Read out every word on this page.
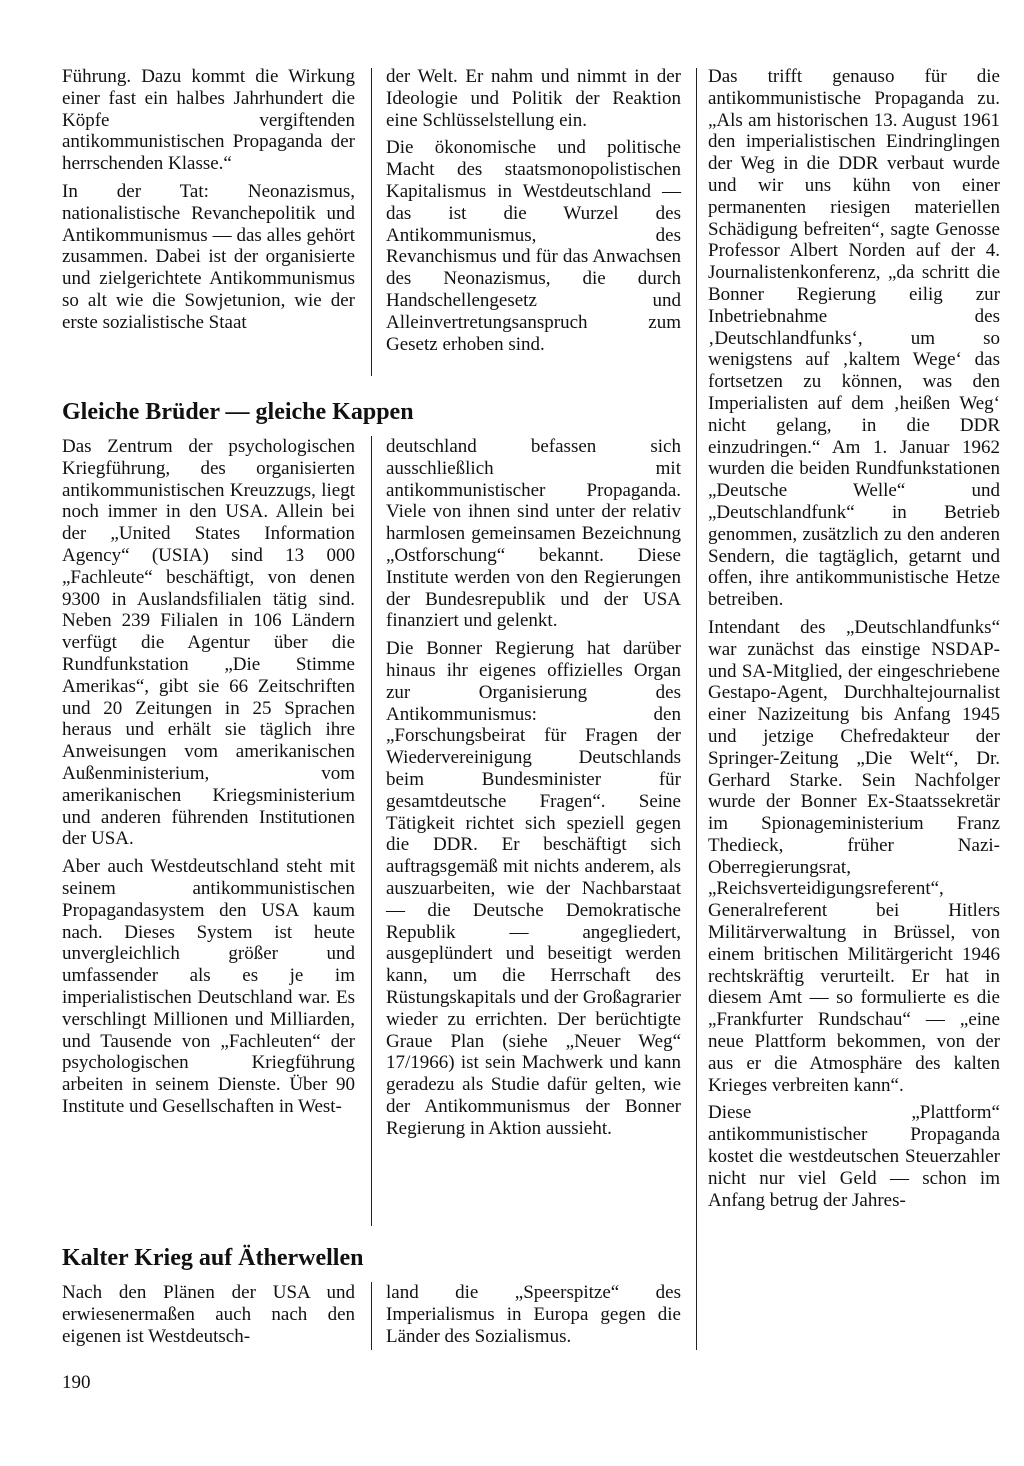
Führung. Dazu kommt die Wirkung einer fast ein halbes Jahrhundert die Köpfe vergiftenden antikommunistischen Propaganda der herrschenden Klasse.“

In der Tat: Neonazismus, nationalistische Revanchepolitik und Antikommunismus — das alles gehört zusammen. Dabei ist der organisierte und zielgerichtete Antikommunismus so alt wie die Sowjetunion, wie der erste sozialistische Staat

der Welt. Er nahm und nimmt in der Ideologie und Politik der Reaktion eine Schlüsselstellung ein.

Die ökonomische und politische Macht des staatsmonopolistischen Kapitalismus in Westdeutschland — das ist die Wurzel des Antikommunismus, des Revanchismus und für das Anwachsen des Neonazismus, die durch Handschellengesetz und Alleinvertretungsanspruch zum Gesetz erhoben sind.

Gleiche Brüder — gleiche Kappen

Das Zentrum der psychologischen Kriegführung, des organisierten antikommunistischen Kreuzzugs, liegt noch immer in den USA. Allein bei der „United States Information Agency“ (USIA) sind 13 000 „Fachleute“ beschäftigt, von denen 9300 in Auslandsfilialen tätig sind. Neben 239 Filialen in 106 Ländern verfügt die Agentur über die Rundfunkstation „Die Stimme Amerikas“, gibt sie 66 Zeitschriften und 20 Zeitungen in 25 Sprachen heraus und erhält sie täglich ihre Anweisungen vom amerikanischen Außenministerium, vom amerikanischen Kriegsministerium und anderen führenden Institutionen der USA.

Aber auch Westdeutschland steht mit seinem antikommunistischen Propagandasystem den USA kaum nach. Dieses System ist heute unvergleichlich größer und umfassender als es je im imperialistischen Deutschland war. Es verschlingt Millionen und Milliarden, und Tausende von „Fachleuten“ der psychologischen Kriegführung arbeiten in seinem Dienste. Über 90 Institute und Gesellschaften in West-

deutschland befassen sich ausschließlich mit antikommunistischer Propaganda. Viele von ihnen sind unter der relativ harmlosen gemeinsamen Bezeichnung „Ostforschung“ bekannt. Diese Institute werden von den Regierungen der Bundesrepublik und der USA finanziert und gelenkt.

Die Bonner Regierung hat darüber hinaus ihr eigenes offizielles Organ zur Organisierung des Antikommunismus: den „Forschungsbeirat für Fragen der Wiedervereinigung Deutschlands beim Bundesminister für gesamtdeutsche Fragen“. Seine Tätigkeit richtet sich speziell gegen die DDR. Er beschäftigt sich auftragsgemäß mit nichts anderem, als auszuarbeiten, wie der Nachbarstaat — die Deutsche Demokratische Republik — angegliedert, ausgeplündert und beseitigt werden kann, um die Herrschaft des Rüstungskapitals und der Großagrarier wieder zu errichten. Der berüchtigte Graue Plan (siehe „Neuer Weg“ 17/1966) ist sein Machwerk und kann geradezu als Studie dafür gelten, wie der Antikommunismus der Bonner Regierung in Aktion aussieht.

Kalter Krieg auf Ätherwellen

Nach den Plänen der USA und erwiesenermaßen auch nach den eigenen ist Westdeutsch-

land die „Speerspitze“ des Imperialismus in Europa gegen die Länder des Sozialismus.

Das trifft genauso für die antikommunistische Propaganda zu. „Als am historischen 13. August 1961 den imperialistischen Eindringlingen der Weg in die DDR verbaut wurde und wir uns kühn von einer permanenten riesigen materiellen Schädigung befreiten“, sagte Genosse Professor Albert Norden auf der 4. Journalistenkonferenz, „da schritt die Bonner Regierung eilig zur Inbetriebnahme des ‚Deutschlandfunks‘, um so wenigstens auf ‚kaltem Wege‘ das fortsetzen zu können, was den Imperialisten auf dem ‚heißen Weg‘ nicht gelang, in die DDR einzudringen.“ Am 1. Januar 1962 wurden die beiden Rundfunkstationen „Deutsche Welle“ und „Deutschlandfunk“ in Betrieb genommen, zusätzlich zu den anderen Sendern, die tagtäglich, getarnt und offen, ihre antikommunistische Hetze betreiben.

Intendant des „Deutschlandfunks“ war zunächst das einstige NSDAP- und SA-Mitglied, der eingeschriebene Gestapo-Agent, Durchhaltejournalist einer Nazizeitung bis Anfang 1945 und jetzige Chefredakteur der Springer-Zeitung „Die Welt“, Dr. Gerhard Starke. Sein Nachfolger wurde der Bonner Ex-Staatssekretär im Spionageministerium Franz Thedieck, früher Nazi-Oberregierungsrat, „Reichsverteidigungsreferent“, Generalreferent bei Hitlers Militärverwaltung in Brüssel, von einem britischen Militärgericht 1946 rechtskräftig verurteilt. Er hat in diesem Amt — so formulierte es die „Frankfurter Rundschau“ — „eine neue Plattform bekommen, von der aus er die Atmosphäre des kalten Krieges verbreiten kann“.

Diese „Plattform“ antikommunistischer Propaganda kostet die westdeutschen Steuerzahler nicht nur viel Geld — schon im Anfang betrug der Jahres-

190
